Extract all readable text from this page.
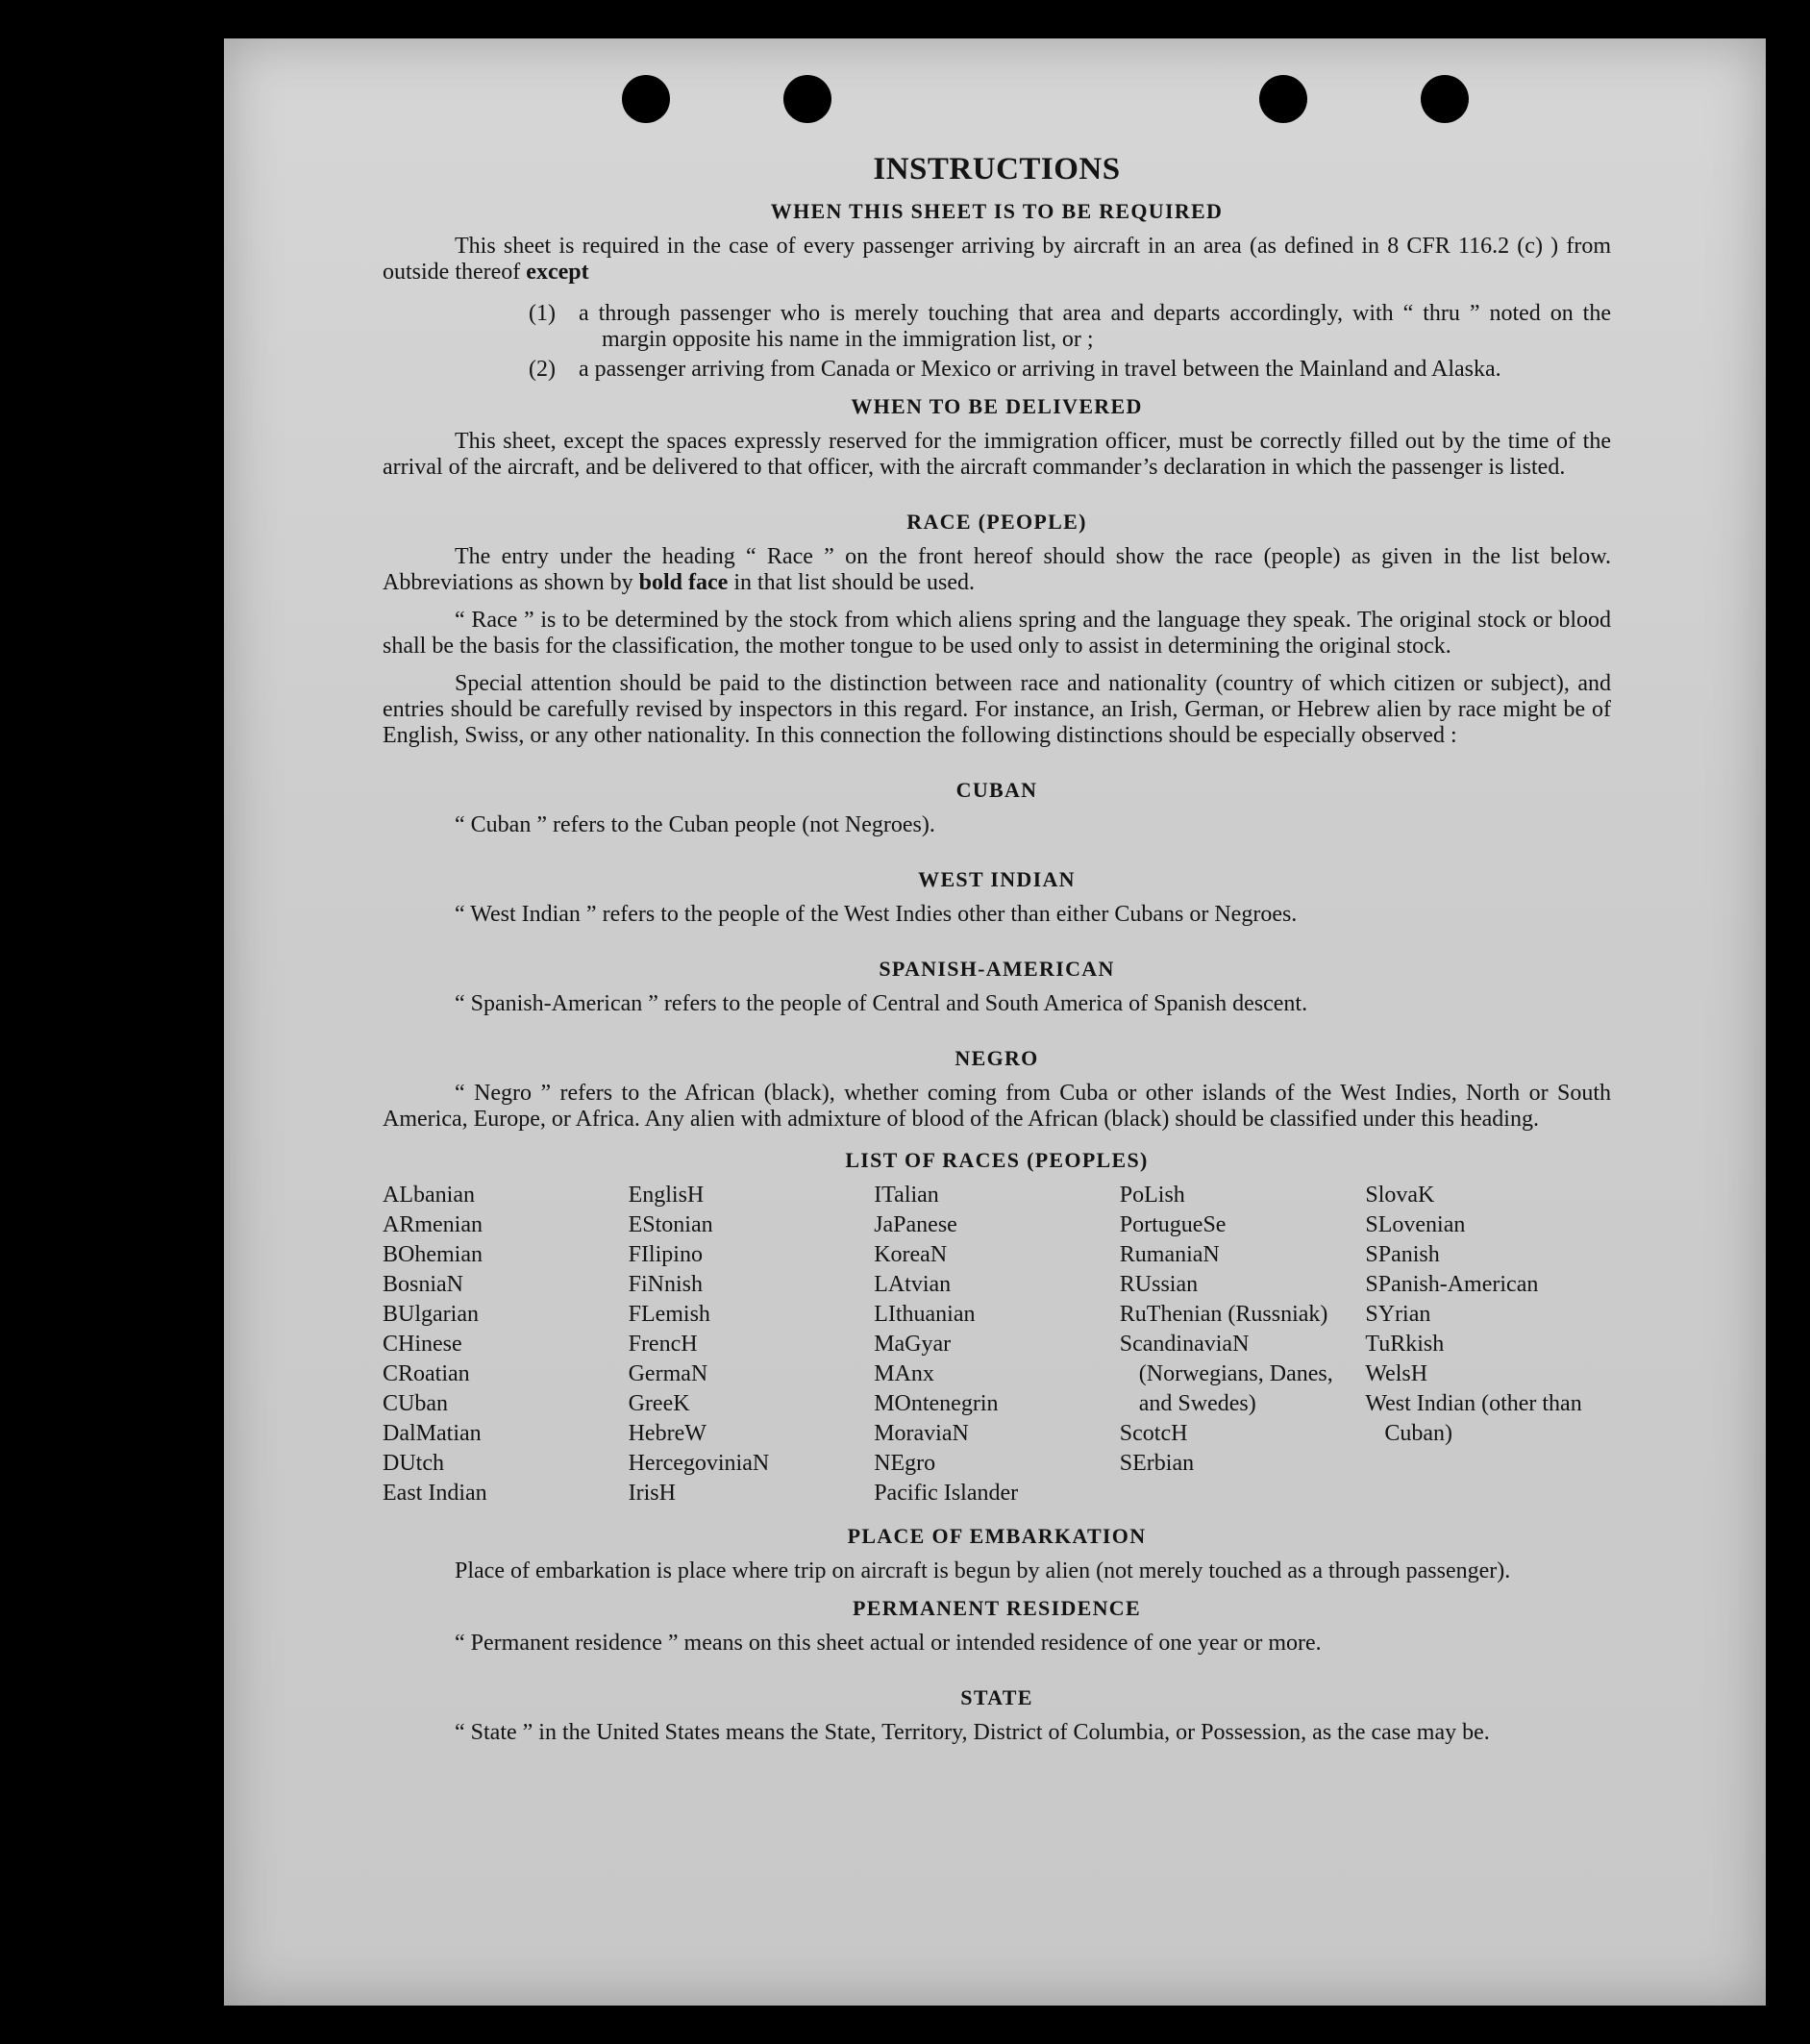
INSTRUCTIONS
WHEN THIS SHEET IS TO BE REQUIRED

This sheet is required in the case of every passenger arriving by aircraft in an area (as defined in 8 CFR 116.2 (c) ) from outside thereof except

(1)	a through passenger who is merely touching that area and departs accordingly, with “ thru ” noted on the margin opposite his name in the immigration list, or ;
(2)	a passenger arriving from Canada or Mexico or arriving in travel between the Mainland and Alaska.
WHEN TO BE DELIVERED

This sheet, except the spaces expressly reserved for the immigration officer, must be correctly filled out by the time of the arrival of the aircraft, and be delivered to that officer, with the aircraft commander’s declaration in which the passenger is listed.

RACE (PEOPLE)

The entry under the heading “ Race ” on the front hereof should show the race (people) as given in the list below. Abbreviations as shown by bold face in that list should be used.

“ Race ” is to be determined by the stock from which aliens spring and the language they speak. The original stock or blood shall be the basis for the classification, the mother tongue to be used only to assist in determining the original stock.

Special attention should be paid to the distinction between race and nationality (country of which citizen or subject), and entries should be carefully revised by inspectors in this regard. For instance, an Irish, German, or Hebrew alien by race might be of English, Swiss, or any other nationality. In this connection the following distinctions should be especially observed :

CUBAN

“ Cuban ” refers to the Cuban people (not Negroes).

WEST INDIAN

“ West Indian ” refers to the people of the West Indies other than either Cubans or Negroes.

SPANISH-AMERICAN

“ Spanish-American ” refers to the people of Central and South America of Spanish descent.

NEGRO

“ Negro ” refers to the African (black), whether coming from Cuba or other islands of the West Indies, North or South America, Europe, or Africa. Any alien with admixture of blood of the African (black) should be classified under this heading.

LIST OF RACES (PEOPLES)
ALbanian
ARmenian
BOhemian
BosniaN
BUlgarian
CHinese
CRoatian
CUban
DalMatian
DUtch
East Indian
EnglisH
EStonian
FIlipino
FiNnish
FLemish
FrencH
GermaN
GreeK
HebreW
HercegoviniaN
IrisH
ITalian
JaPanese
KoreaN
LAtvian
LIthuanian
MaGyar
MAnx
MOntenegrin
MoraviaN
NEgro
Pacific Islander
PoLish
PortugueSe
RumaniaN
RUssian
RuThenian (Russniak)
ScandinaviaN (Norwegians, Danes, and Swedes)
ScotcH
SErbian
SlovaK
SLovenian
SPanish
SPanish-American
SYrian
TuRkish
WelsH
West Indian (other than Cuban)
PLACE OF EMBARKATION

Place of embarkation is place where trip on aircraft is begun by alien (not merely touched as a through passenger).

PERMANENT RESIDENCE

“ Permanent residence ” means on this sheet actual or intended residence of one year or more.

STATE

“ State ” in the United States means the State, Territory, District of Columbia, or Possession, as the case may be.
